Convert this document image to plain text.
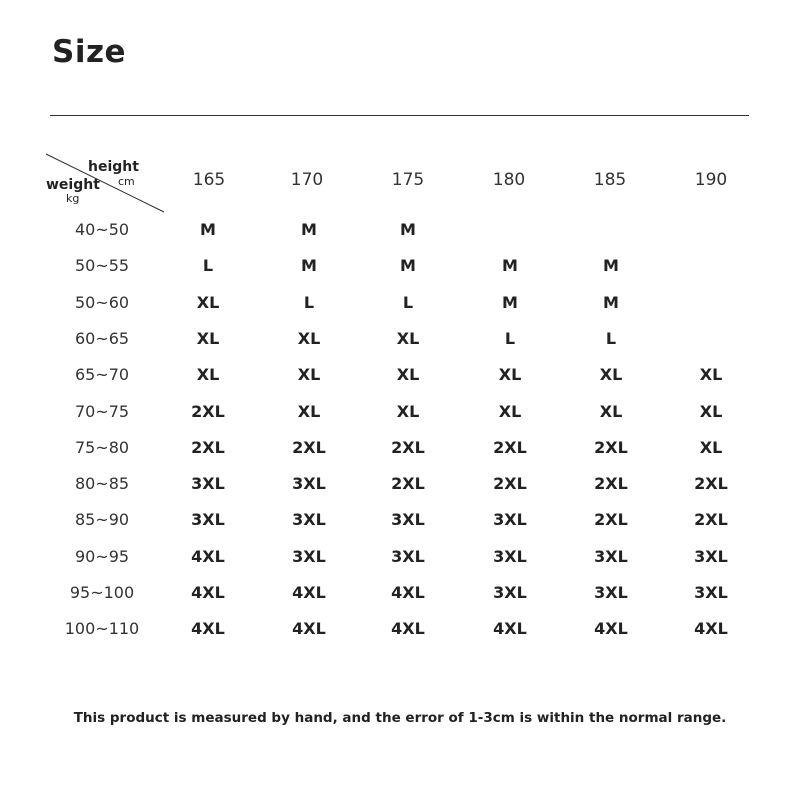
Size
height
cm
weight
kg
165	170	175	180	185	190
40~50	M	M	M
50~55	L	M	M	M	M
50~60	XL	L	L	M	M
60~65	XL	XL	XL	L	L
65~70	XL	XL	XL	XL	XL	XL
70~75	2XL	XL	XL	XL	XL	XL
75~80	2XL	2XL	2XL	2XL	2XL	XL
80~85	3XL	3XL	2XL	2XL	2XL	2XL
85~90	3XL	3XL	3XL	3XL	2XL	2XL
90~95	4XL	3XL	3XL	3XL	3XL	3XL
95~100	4XL	4XL	4XL	3XL	3XL	3XL
100~110	4XL	4XL	4XL	4XL	4XL	4XL
This product is measured by hand, and the error of 1-3cm is within the normal range.
